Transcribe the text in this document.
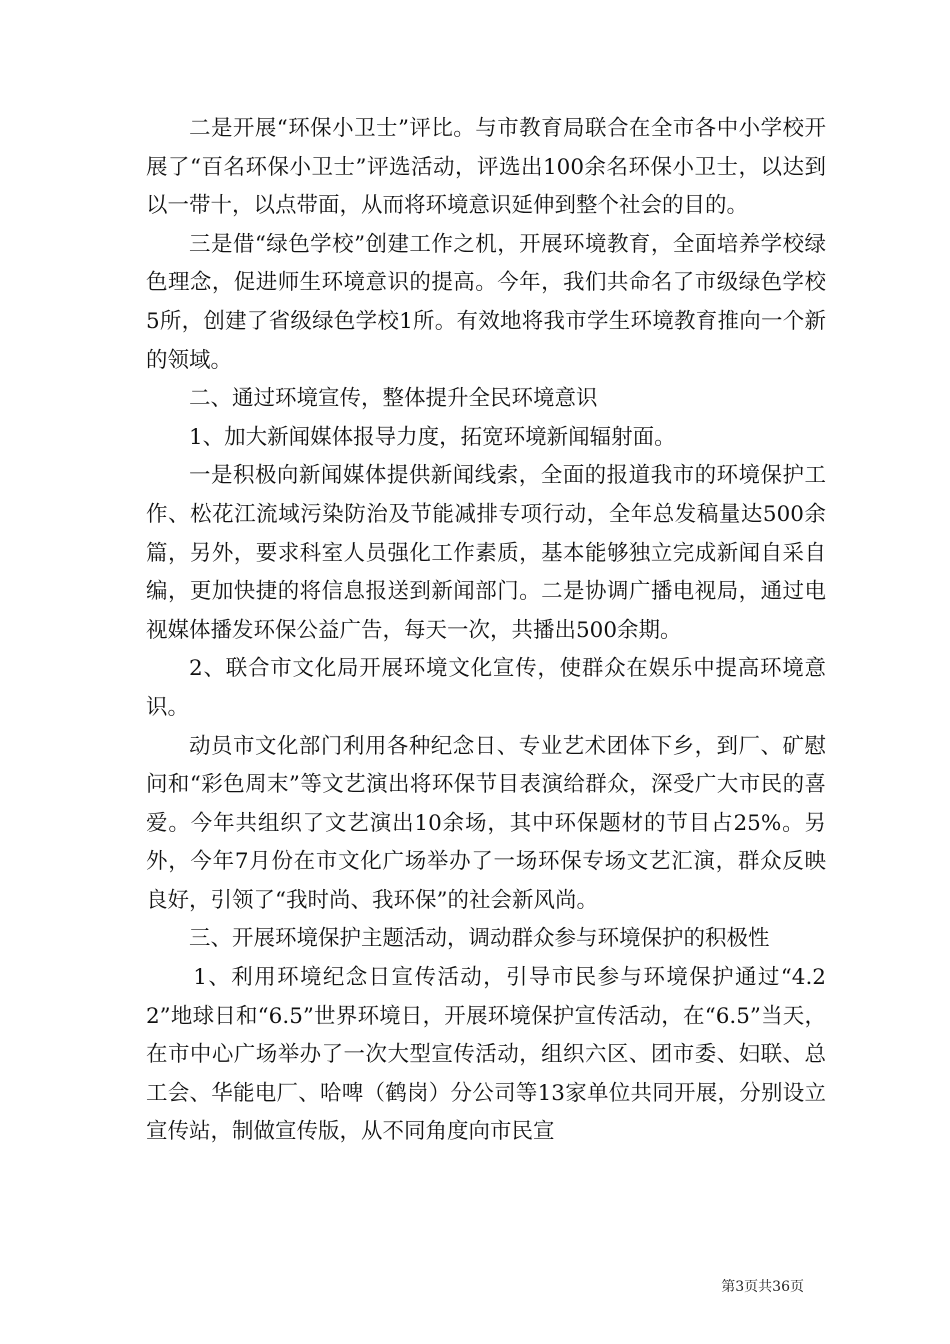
二是开展“环保小卫士”评比。与市教育局联合在全市各中小学校开展了“百名环保小卫士”评选活动，评选出100余名环保小卫士，以达到以一带十，以点带面，从而将环境意识延伸到整个社会的目的。

三是借“绿色学校”创建工作之机，开展环境教育，全面培养学校绿色理念，促进师生环境意识的提高。今年，我们共命名了市级绿色学校5所，创建了省级绿色学校1所。有效地将我市学生环境教育推向一个新的领域。

二、通过环境宣传，整体提升全民环境意识

1、加大新闻媒体报导力度，拓宽环境新闻辐射面。

一是积极向新闻媒体提供新闻线索，全面的报道我市的环境保护工作、松花江流域污染防治及节能减排专项行动，全年总发稿量达500余篇，另外，要求科室人员强化工作素质，基本能够独立完成新闻自采自编，更加快捷的将信息报送到新闻部门。二是协调广播电视局，通过电视媒体播发环保公益广告，每天一次，共播出500余期。

2、联合市文化局开展环境文化宣传，使群众在娱乐中提高环境意识。

动员市文化部门利用各种纪念日、专业艺术团体下乡，到厂、矿慰问和“彩色周末”等文艺演出将环保节目表演给群众，深受广大市民的喜爱。今年共组织了文艺演出10余场，其中环保题材的节目占25%。另外，今年7月份在市文化广场举办了一场环保专场文艺汇演，群众反映良好，引领了“我时尚、我环保”的社会新风尚。

三、开展环境保护主题活动，调动群众参与环境保护的积极性

1、利用环境纪念日宣传活动，引导市民参与环境保护通过“4.22”地球日和“6.5”世界环境日，开展环境保护宣传活动，在“6.5”当天，在市中心广场举办了一次大型宣传活动，组织六区、团市委、妇联、总工会、华能电厂、哈啤（鹤岗）分公司等13家单位共同开展，分别设立宣传站，制做宣传版，从不同角度向市民宣

第3页共36页
